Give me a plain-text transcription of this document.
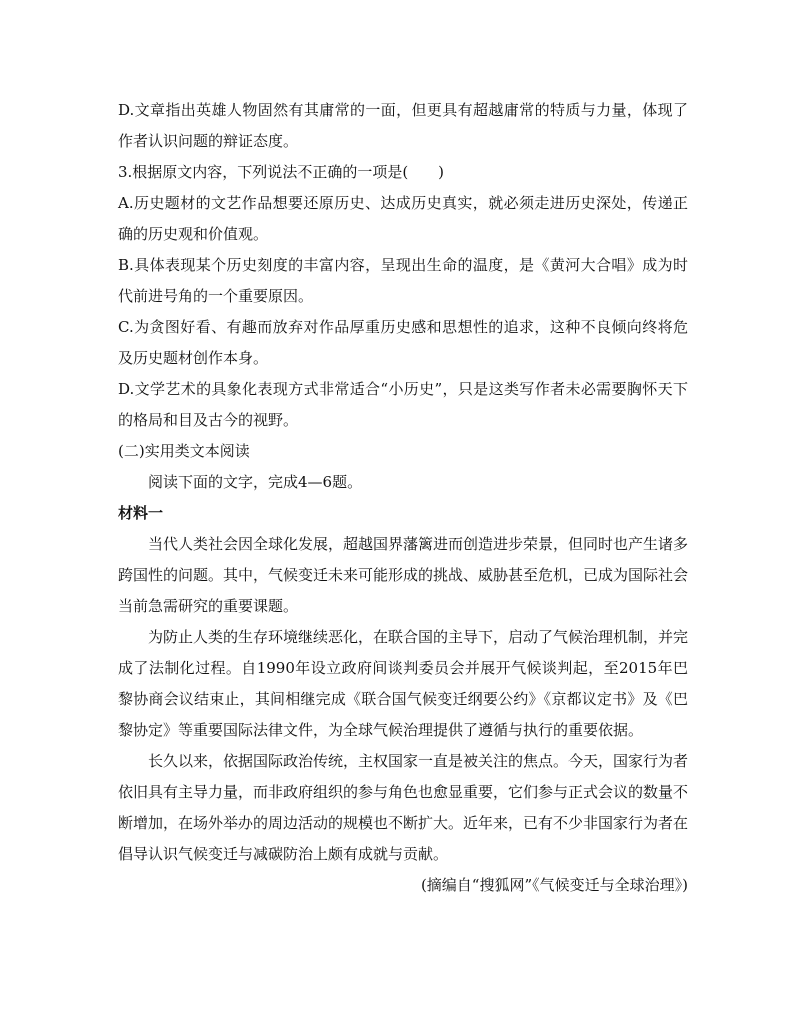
D.文章指出英雄人物固然有其庸常的一面，但更具有超越庸常的特质与力量，体现了作者认识问题的辩证态度。

3.根据原文内容，下列说法不正确的一项是(　　)

A.历史题材的文艺作品想要还原历史、达成历史真实，就必须走进历史深处，传递正确的历史观和价值观。

B.具体表现某个历史刻度的丰富内容，呈现出生命的温度，是《黄河大合唱》成为时代前进号角的一个重要原因。

C.为贪图好看、有趣而放弃对作品厚重历史感和思想性的追求，这种不良倾向终将危及历史题材创作本身。

D.文学艺术的具象化表现方式非常适合“小历史”，只是这类写作者未必需要胸怀天下的格局和目及古今的视野。

(二)实用类文本阅读

阅读下面的文字，完成4—6题。

材料一

当代人类社会因全球化发展，超越国界藩篱进而创造进步荣景，但同时也产生诸多跨国性的问题。其中，气候变迁未来可能形成的挑战、威胁甚至危机，已成为国际社会当前急需研究的重要课题。

为防止人类的生存环境继续恶化，在联合国的主导下，启动了气候治理机制，并完成了法制化过程。自1990年设立政府间谈判委员会并展开气候谈判起，至2015年巴黎协商会议结束止，其间相继完成《联合国气候变迁纲要公约》《京都议定书》及《巴黎协定》等重要国际法律文件，为全球气候治理提供了遵循与执行的重要依据。

长久以来，依据国际政治传统，主权国家一直是被关注的焦点。今天，国家行为者依旧具有主导力量，而非政府组织的参与角色也愈显重要，它们参与正式会议的数量不断增加，在场外举办的周边活动的规模也不断扩大。近年来，已有不少非国家行为者在倡导认识气候变迁与减碳防治上颇有成就与贡献。

(摘编自“搜狐网”《气候变迁与全球治理》)
